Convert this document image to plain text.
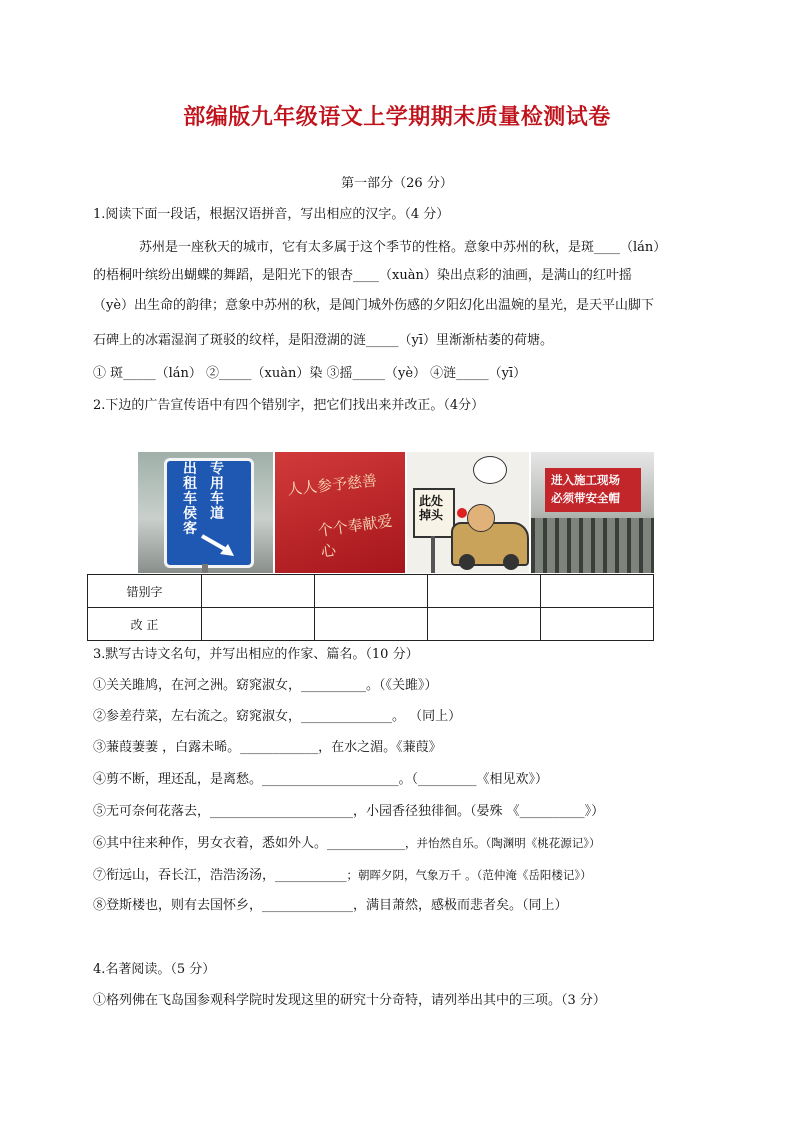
部编版九年级语文上学期期末质量检测试卷
第一部分（26 分）
1.阅读下面一段话，根据汉语拼音，写出相应的汉字。（4 分）
苏州是一座秋天的城市，它有太多属于这个季节的性格。意象中苏州的秋，是斑____（lán）
的梧桐叶缤纷出蝴蝶的舞蹈，是阳光下的银杏____（xuàn）染出点彩的油画，是满山的红叶摇
（yè）出生命的韵律；意象中苏州的秋，是阊门城外伤感的夕阳幻化出温婉的星光，是天平山脚下
石碑上的冰霜湿润了斑驳的纹样，是阳澄湖的涟_____（yī）里渐渐枯萎的荷塘。
① 斑_____（lán） ②_____（xuàn）染 ③摇_____（yè） ④涟_____（yī）
2.下边的广告宣传语中有四个错别字，把它们找出来并改正。（4分）
专用车道
出租车侯客
人人参予慈善
个个奉献爱心
此处掉头
进入施工现场
必须带安全帽
错别字				
改 正				
3.默写古诗文名句，并写出相应的作家、篇名。（10 分）
①关关雎鸠，在河之洲。窈窕淑女，__________。（《关雎》）
②参差荇菜，左右流之。窈窕淑女，______________。 （同上）
③蒹葭萋萋 ，白露未晞。____________，在水之湄。《蒹葭》
④剪不断，理还乱，是离愁。_____________________。（_________《相见欢》）
⑤无可奈何花落去，______________________，小园香径独徘徊。（晏殊 《__________》）
⑥其中往来种作，男女衣着，悉如外人。____________，并怡然自乐。（陶渊明《桃花源记》）
⑦衔远山，吞长江，浩浩汤汤，___________；朝晖夕阴，气象万千 。（范仲淹《岳阳楼记》）
⑧登斯楼也，则有去国怀乡，______________，满目萧然，感极而悲者矣。（同上）
4.名著阅读。（5 分）
①格列佛在飞岛国参观科学院时发现这里的研究十分奇特，请列举出其中的三项。（3 分）
